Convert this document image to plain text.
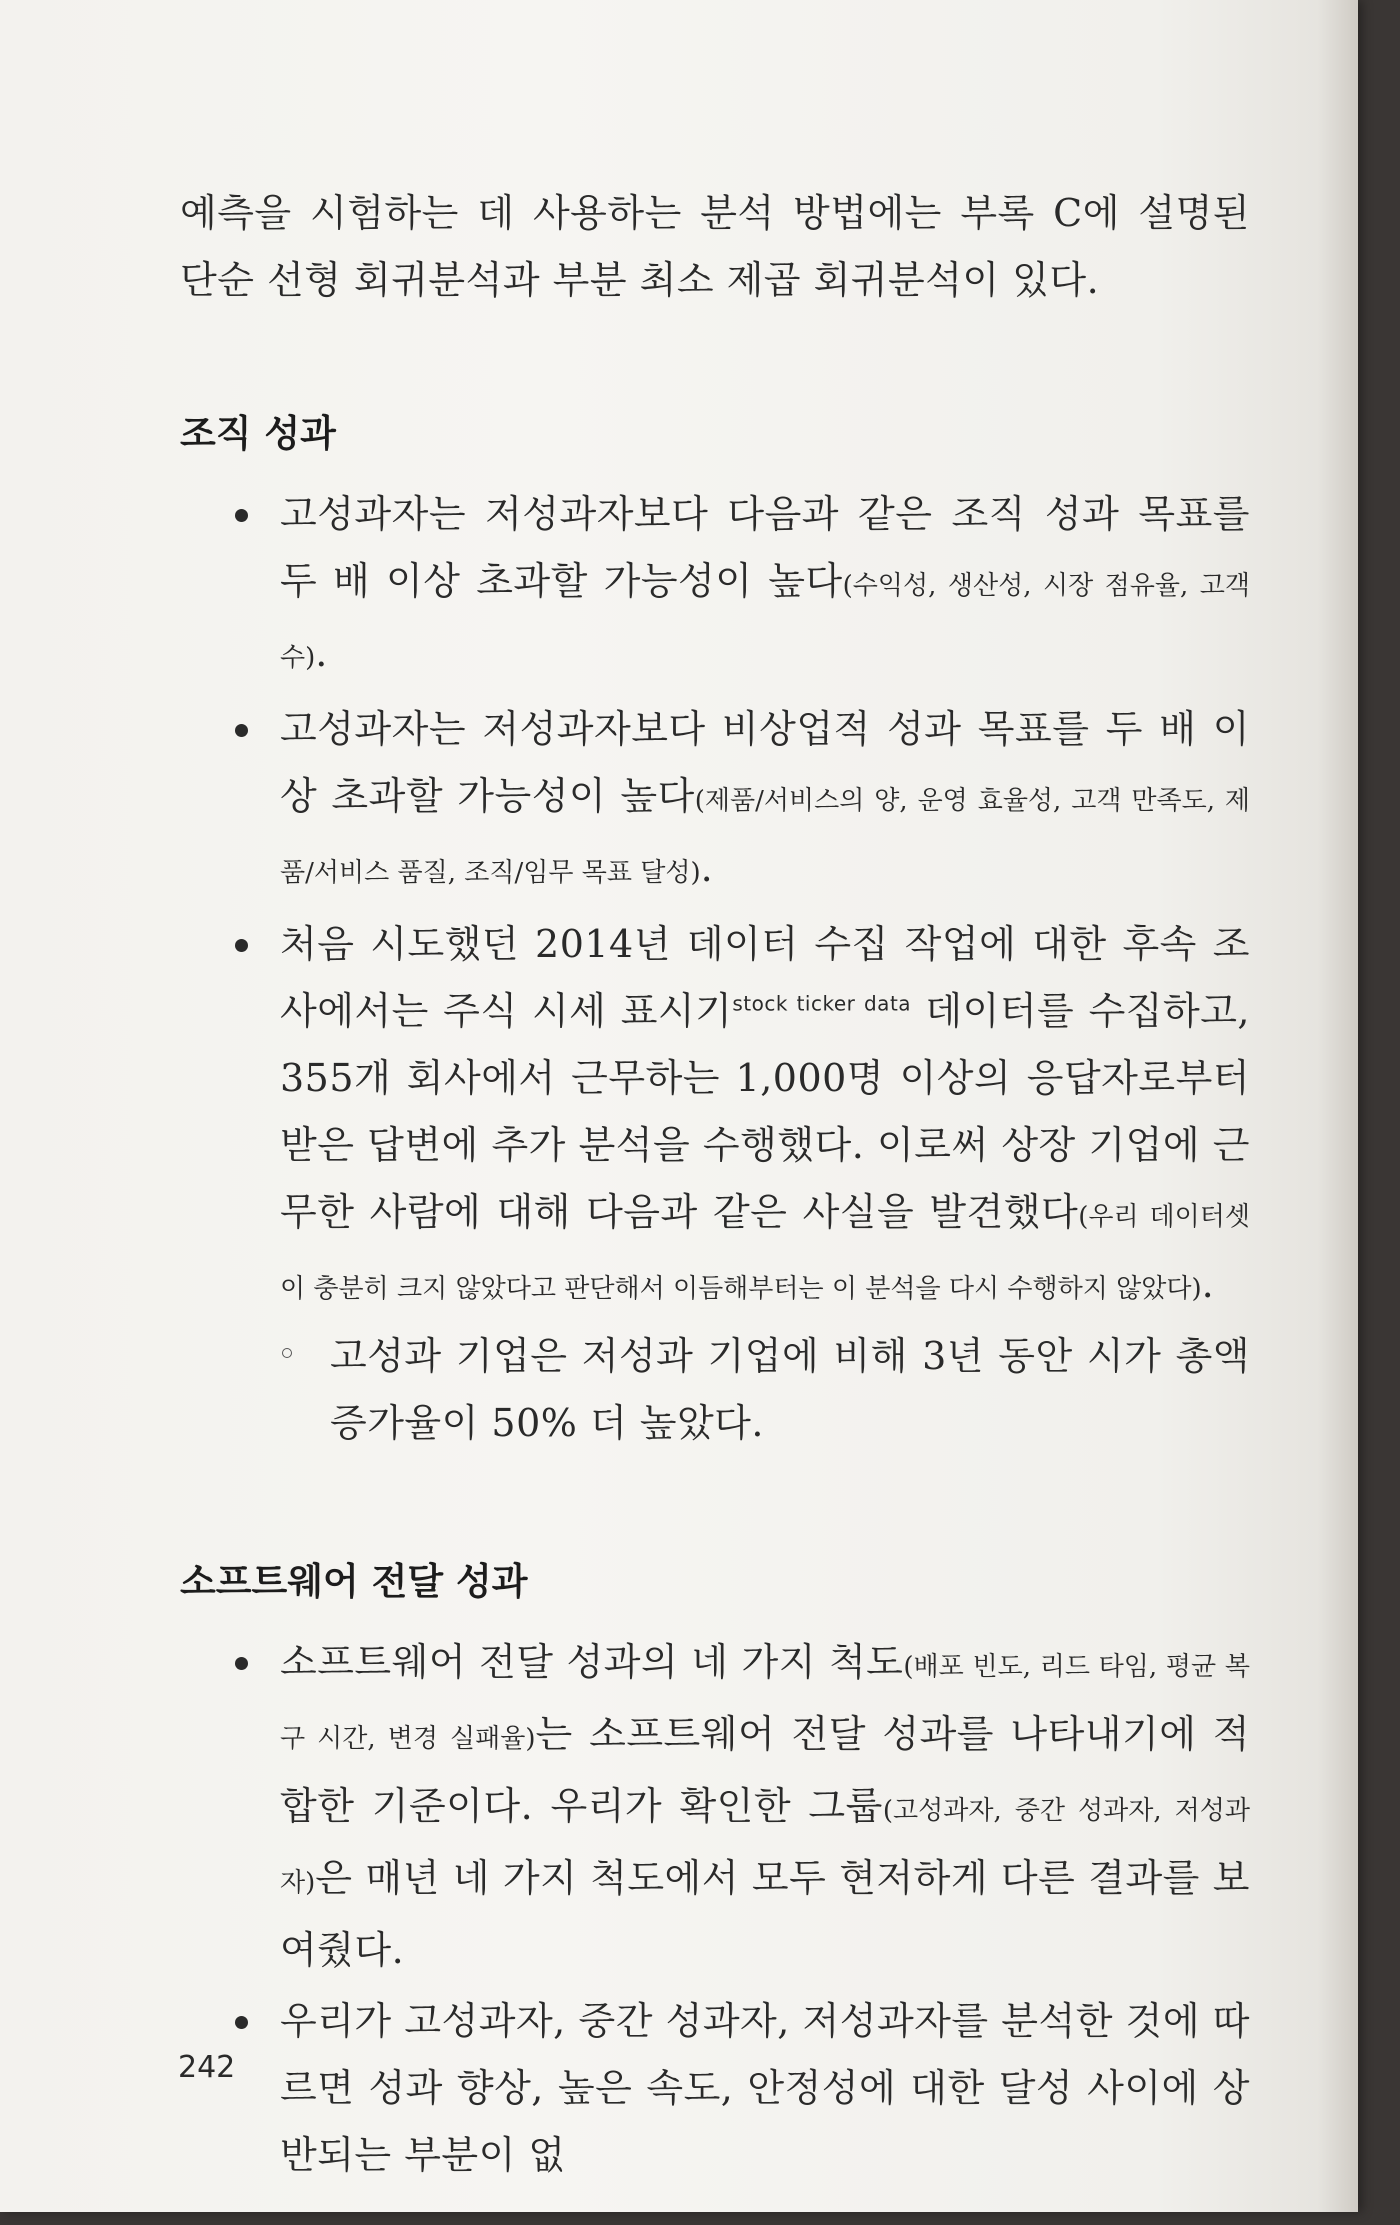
예측을 시험하는 데 사용하는 분석 방법에는 부록 C에 설명된 단순 선형 회귀분석과 부분 최소 제곱 회귀분석이 있다.

조직 성과

고성과자는 저성과자보다 다음과 같은 조직 성과 목표를 두 배 이상 초과할 가능성이 높다(수익성, 생산성, 시장 점유율, 고객 수).

고성과자는 저성과자보다 비상업적 성과 목표를 두 배 이상 초과할 가능성이 높다(제품/서비스의 양, 운영 효율성, 고객 만족도, 제품/서비스 품질, 조직/임무 목표 달성).

처음 시도했던 2014년 데이터 수집 작업에 대한 후속 조사에서는 주식 시세 표시기$^{stock ticker data}$ 데이터를 수집하고, 355개 회사에서 근무하는 1,000명 이상의 응답자로부터 받은 답변에 추가 분석을 수행했다. 이로써 상장 기업에 근무한 사람에 대해 다음과 같은 사실을 발견했다(우리 데이터셋이 충분히 크지 않았다고 판단해서 이듬해부터는 이 분석을 다시 수행하지 않았다).

고성과 기업은 저성과 기업에 비해 3년 동안 시가 총액 증가율이 50% 더 높았다.

소프트웨어 전달 성과

소프트웨어 전달 성과의 네 가지 척도(배포 빈도, 리드 타임, 평균 복구 시간, 변경 실패율)는 소프트웨어 전달 성과를 나타내기에 적합한 기준이다. 우리가 확인한 그룹(고성과자, 중간 성과자, 저성과자)은 매년 네 가지 척도에서 모두 현저하게 다른 결과를 보여줬다.

우리가 고성과자, 중간 성과자, 저성과자를 분석한 것에 따르면 성과 향상, 높은 속도, 안정성에 대한 달성 사이에 상반되는 부분이 없

242
